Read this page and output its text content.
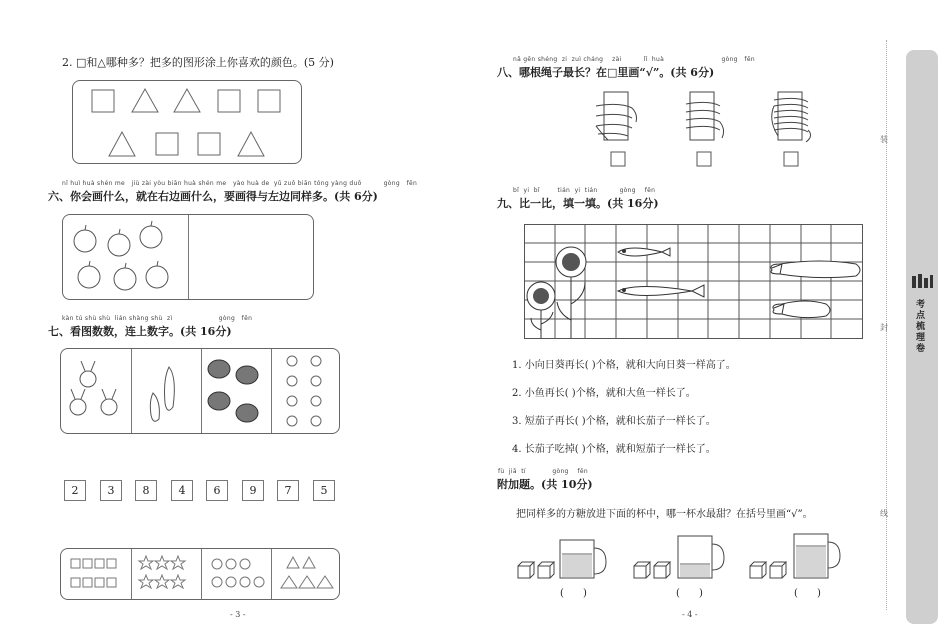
2. □和△哪种多？把多的图形涂上你喜欢的颜色。(5 分)
nǐ huì huà shén me   jiù zài yòu biān huà shén me   yào huà de  yǔ zuǒ biān tóng yàng duō          gòng   fēn
六、你会画什么，就在右边画什么，要画得与左边同样多。(共 6分)
kàn tú shù shù  lián shàng shù  zì                     gòng   fēn
七、看图数数，连上数字。(共 16分)
2	3	8	4	6	9	7	5
- 3 -
nǎ gēn shéng  zi  zuì cháng    zài          lǐ  huà                          gòng   fēn
八、哪根绳子最长？在□里画“√”。(共 6分)
bǐ  yi  bǐ        tián  yi  tián          gòng    fēn
九、比一比，填一填。(共 16分)
1. 小向日葵再长( )个格，就和大向日葵一样高了。
2. 小鱼再长( )个格，就和大鱼一样长了。
3. 短茄子再长( )个格，就和长茄子一样长了。
4. 长茄子吃掉( )个格，就和短茄子一样长了。
fù  jiā  tí            gòng    fēn
附加题。(共 10分)
把同样多的方糖放进下面的杯中，哪一杯水最甜？在括号里画“√”。
(      )	(      )	(      )
- 4 -
装
封
线
考点梳理卷
